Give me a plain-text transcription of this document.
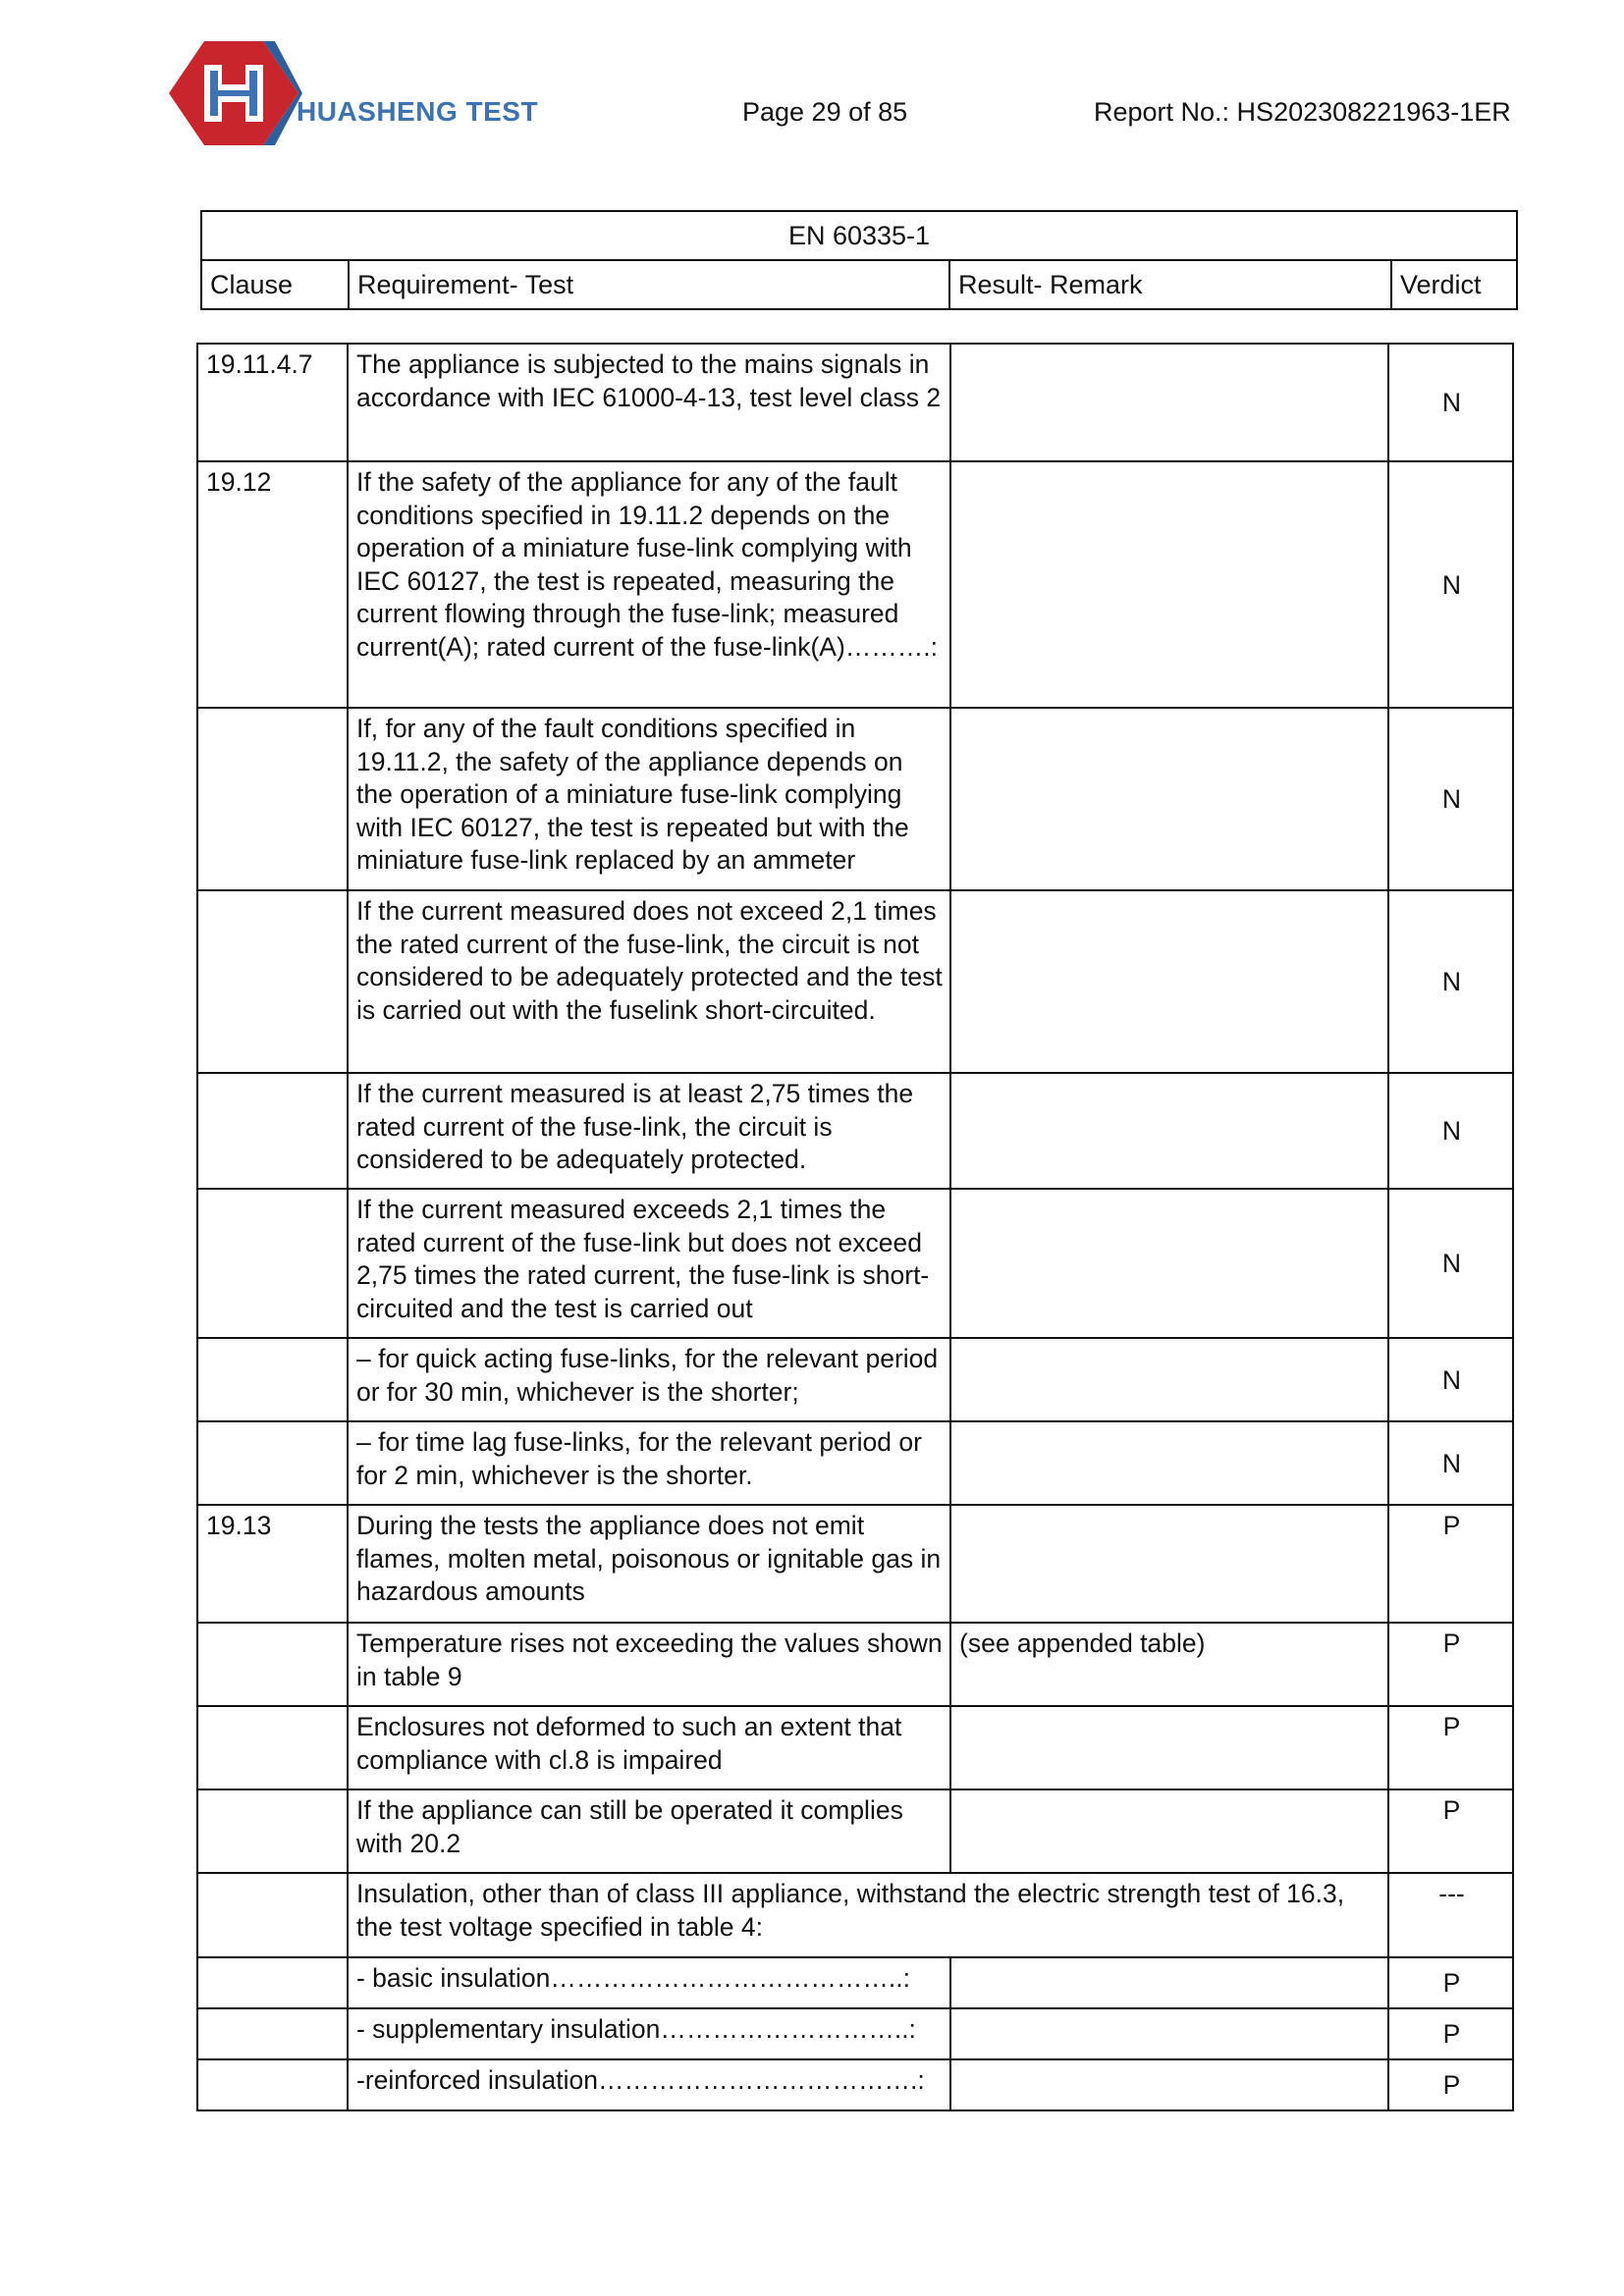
HUASHENG TEST	Page 29 of 85	Report No.: HS202308221963-1ER
EN 60335-1
Clause	Requirement- Test	Result- Remark	Verdict
19.11.4.7	The appliance is subjected to the mains signals in accordance with IEC 61000-4-13, test level class 2		N
19.12	If the safety of the appliance for any of the fault conditions specified in 19.11.2 depends on the operation of a miniature fuse-link complying with IEC 60127, the test is repeated, measuring the current flowing through the fuse-link; measured current(A); rated current of the fuse-link(A)……….:		N
	If, for any of the fault conditions specified in 19.11.2, the safety of the appliance depends on the operation of a miniature fuse-link complying with IEC 60127, the test is repeated but with the miniature fuse-link replaced by an ammeter		N
	If the current measured does not exceed 2,1 times the rated current of the fuse-link, the circuit is not considered to be adequately protected and the test is carried out with the fuselink short-circuited.		N
	If the current measured is at least 2,75 times the rated current of the fuse-link, the circuit is considered to be adequately protected.		N
	If the current measured exceeds 2,1 times the rated current of the fuse-link but does not exceed 2,75 times the rated current, the fuse-link is short-circuited and the test is carried out		N
	– for quick acting fuse-links, for the relevant period or for 30 min, whichever is the shorter;		N
	– for time lag fuse-links, for the relevant period or for 2 min, whichever is the shorter.		N
19.13	During the tests the appliance does not emit flames, molten metal, poisonous or ignitable gas in hazardous amounts		P
	Temperature rises not exceeding the values shown in table 9	(see appended table)	P
	Enclosures not deformed to such an extent that compliance with cl.8 is impaired		P
	If the appliance can still be operated it complies with 20.2		P
	Insulation, other than of class III appliance, withstand the electric strength test of 16.3, the test voltage specified in table 4:		---
	- basic insulation…………………………………..:		P
	- supplementary insulation………………………..:		P
	-reinforced insulation……………………………….:		P
